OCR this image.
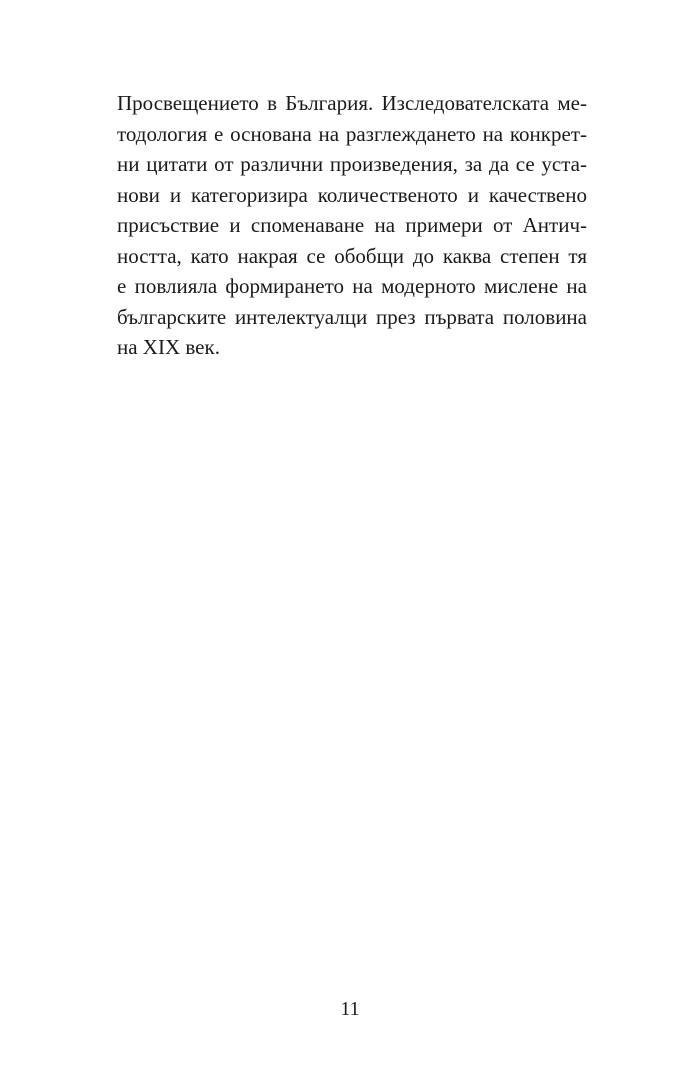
Просвещението в България. Изследователската ме-
тодология е основана на разглеждането на конкрет-
ни цитати от различни произведения, за да се уста-
нови и категоризира количественото и качествено
присъствие и споменаване на примери от Антич-
ността, като накрая се обобщи до каква степен тя
е повлияла формирането на модерното мислене на
българските интелектуалци през първата половина
на XIX век.
11
